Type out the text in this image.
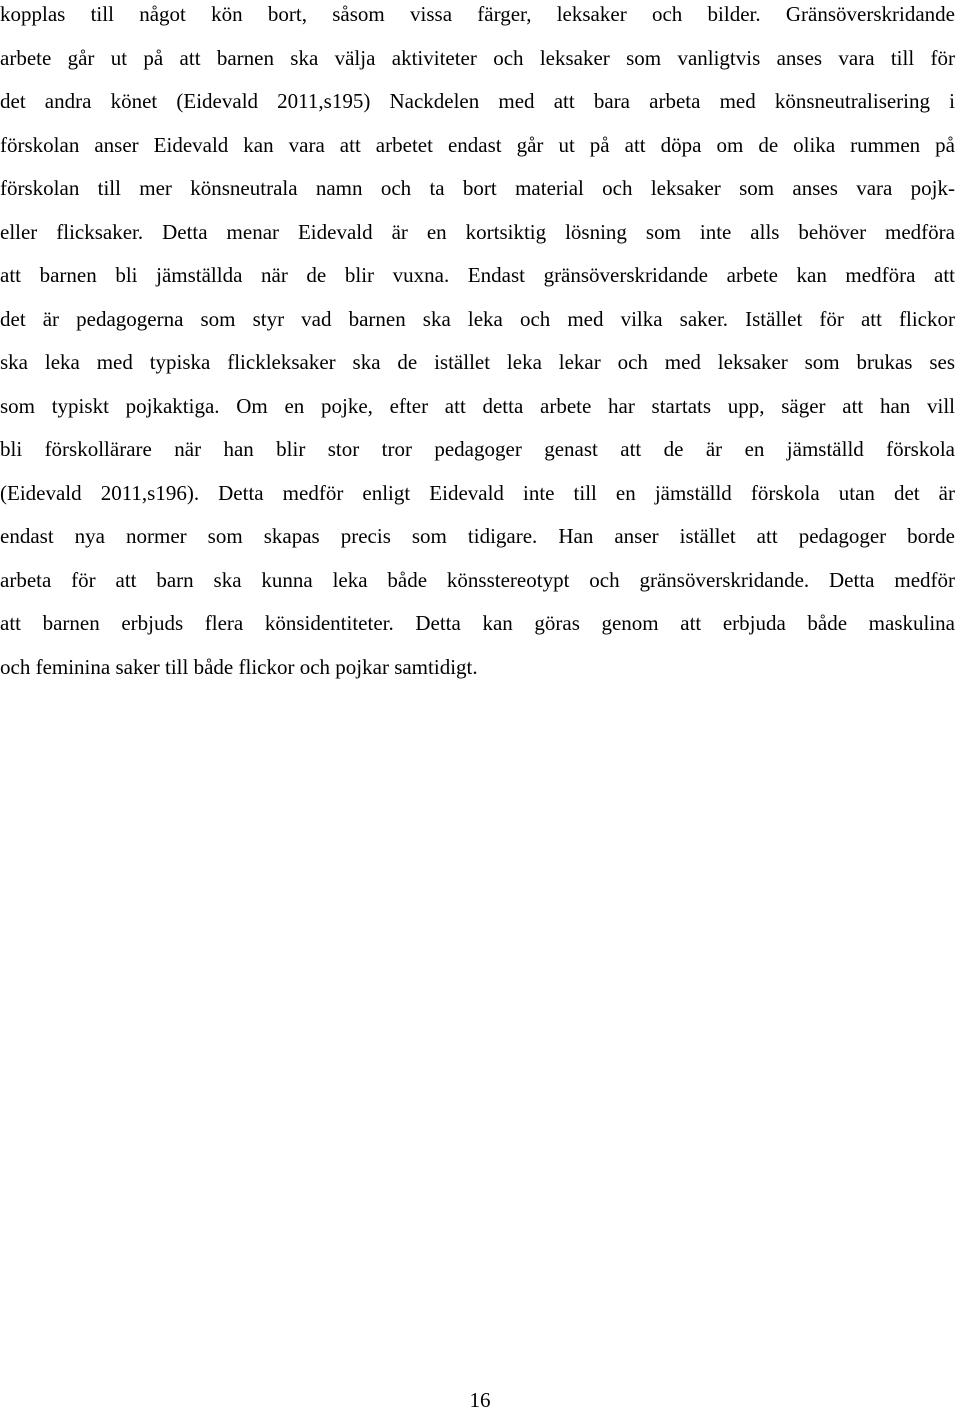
kopplas till något kön bort, såsom vissa färger, leksaker och bilder. Gränsöverskridande
arbete går ut på att barnen ska välja aktiviteter och leksaker som vanligtvis anses vara till för
det andra könet (Eidevald 2011,s195) Nackdelen med att bara arbeta med könsneutralisering i
förskolan anser Eidevald kan vara att arbetet endast går ut på att döpa om de olika rummen på
förskolan till mer könsneutrala namn och ta bort material och leksaker som anses vara pojk-
eller flicksaker. Detta menar Eidevald är en kortsiktig lösning som inte alls behöver medföra
att barnen bli jämställda när de blir vuxna. Endast gränsöverskridande arbete kan medföra att
det är pedagogerna som styr vad barnen ska leka och med vilka saker. Istället för att flickor
ska leka med typiska flickleksaker ska de istället leka lekar och med leksaker som brukas ses
som typiskt pojkaktiga. Om en pojke, efter att detta arbete har startats upp, säger att han vill
bli förskollärare när han blir stor tror pedagoger genast att de är en jämställd förskola
(Eidevald 2011,s196). Detta medför enligt Eidevald inte till en jämställd förskola utan det är
endast nya normer som skapas precis som tidigare. Han anser istället att pedagoger borde
arbeta för att barn ska kunna leka både könsstereotypt och gränsöverskridande. Detta medför
att barnen erbjuds flera könsidentiteter. Detta kan göras genom att erbjuda både maskulina
och feminina saker till både flickor och pojkar samtidigt.
16
